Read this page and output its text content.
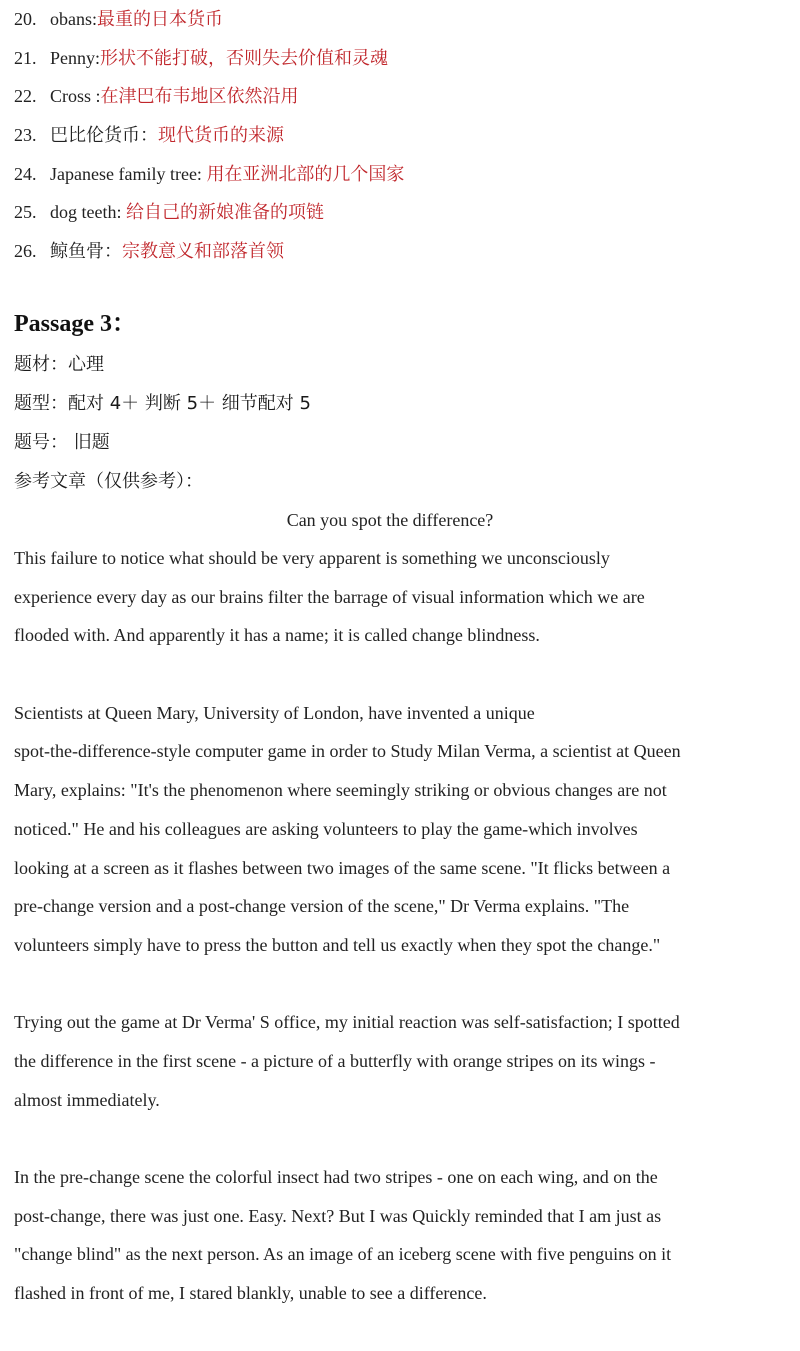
20. obans:最重的日本货币
21. Penny:形状不能打破，否则失去价值和灵魂
22. Cross :在津巴布韦地区依然沿用
23. 巴比伦货币：现代货币的来源
24. Japanese family tree: 用在亚洲北部的几个国家
25. dog teeth: 给自己的新娘准备的项链
26. 鲸鱼骨：宗教意义和部落首领
Passage 3：
题材：心理
题型：配对 4＋ 判断 5＋ 细节配对 5
题号： 旧题
参考文章（仅供参考）：
Can you spot the difference?
This failure to notice what should be very apparent is something we unconsciously
experience every day as our brains filter the barrage of visual information which we are
flooded with. And apparently it has a name; it is called change blindness.
Scientists at Queen Mary, University of London, have invented a unique
spot-the-difference-style computer game in order to Study Milan Verma, a scientist at Queen
Mary, explains: "It's the phenomenon where seemingly striking or obvious changes are not
noticed." He and his colleagues are asking volunteers to play the game-which involves
looking at a screen as it flashes between two images of the same scene. "It flicks between a
pre-change version and a post-change version of the scene," Dr Verma explains. "The
volunteers simply have to press the button and tell us exactly when they spot the change."
Trying out the game at Dr Verma' S office, my initial reaction was self-satisfaction; I spotted
the difference in the first scene - a picture of a butterfly with orange stripes on its wings -
almost immediately.
In the pre-change scene the colorful insect had two stripes - one on each wing, and on the
post-change, there was just one. Easy. Next? But I was Quickly reminded that I am just as
"change blind" as the next person. As an image of an iceberg scene with five penguins on it
flashed in front of me, I stared blankly, unable to see a difference.
